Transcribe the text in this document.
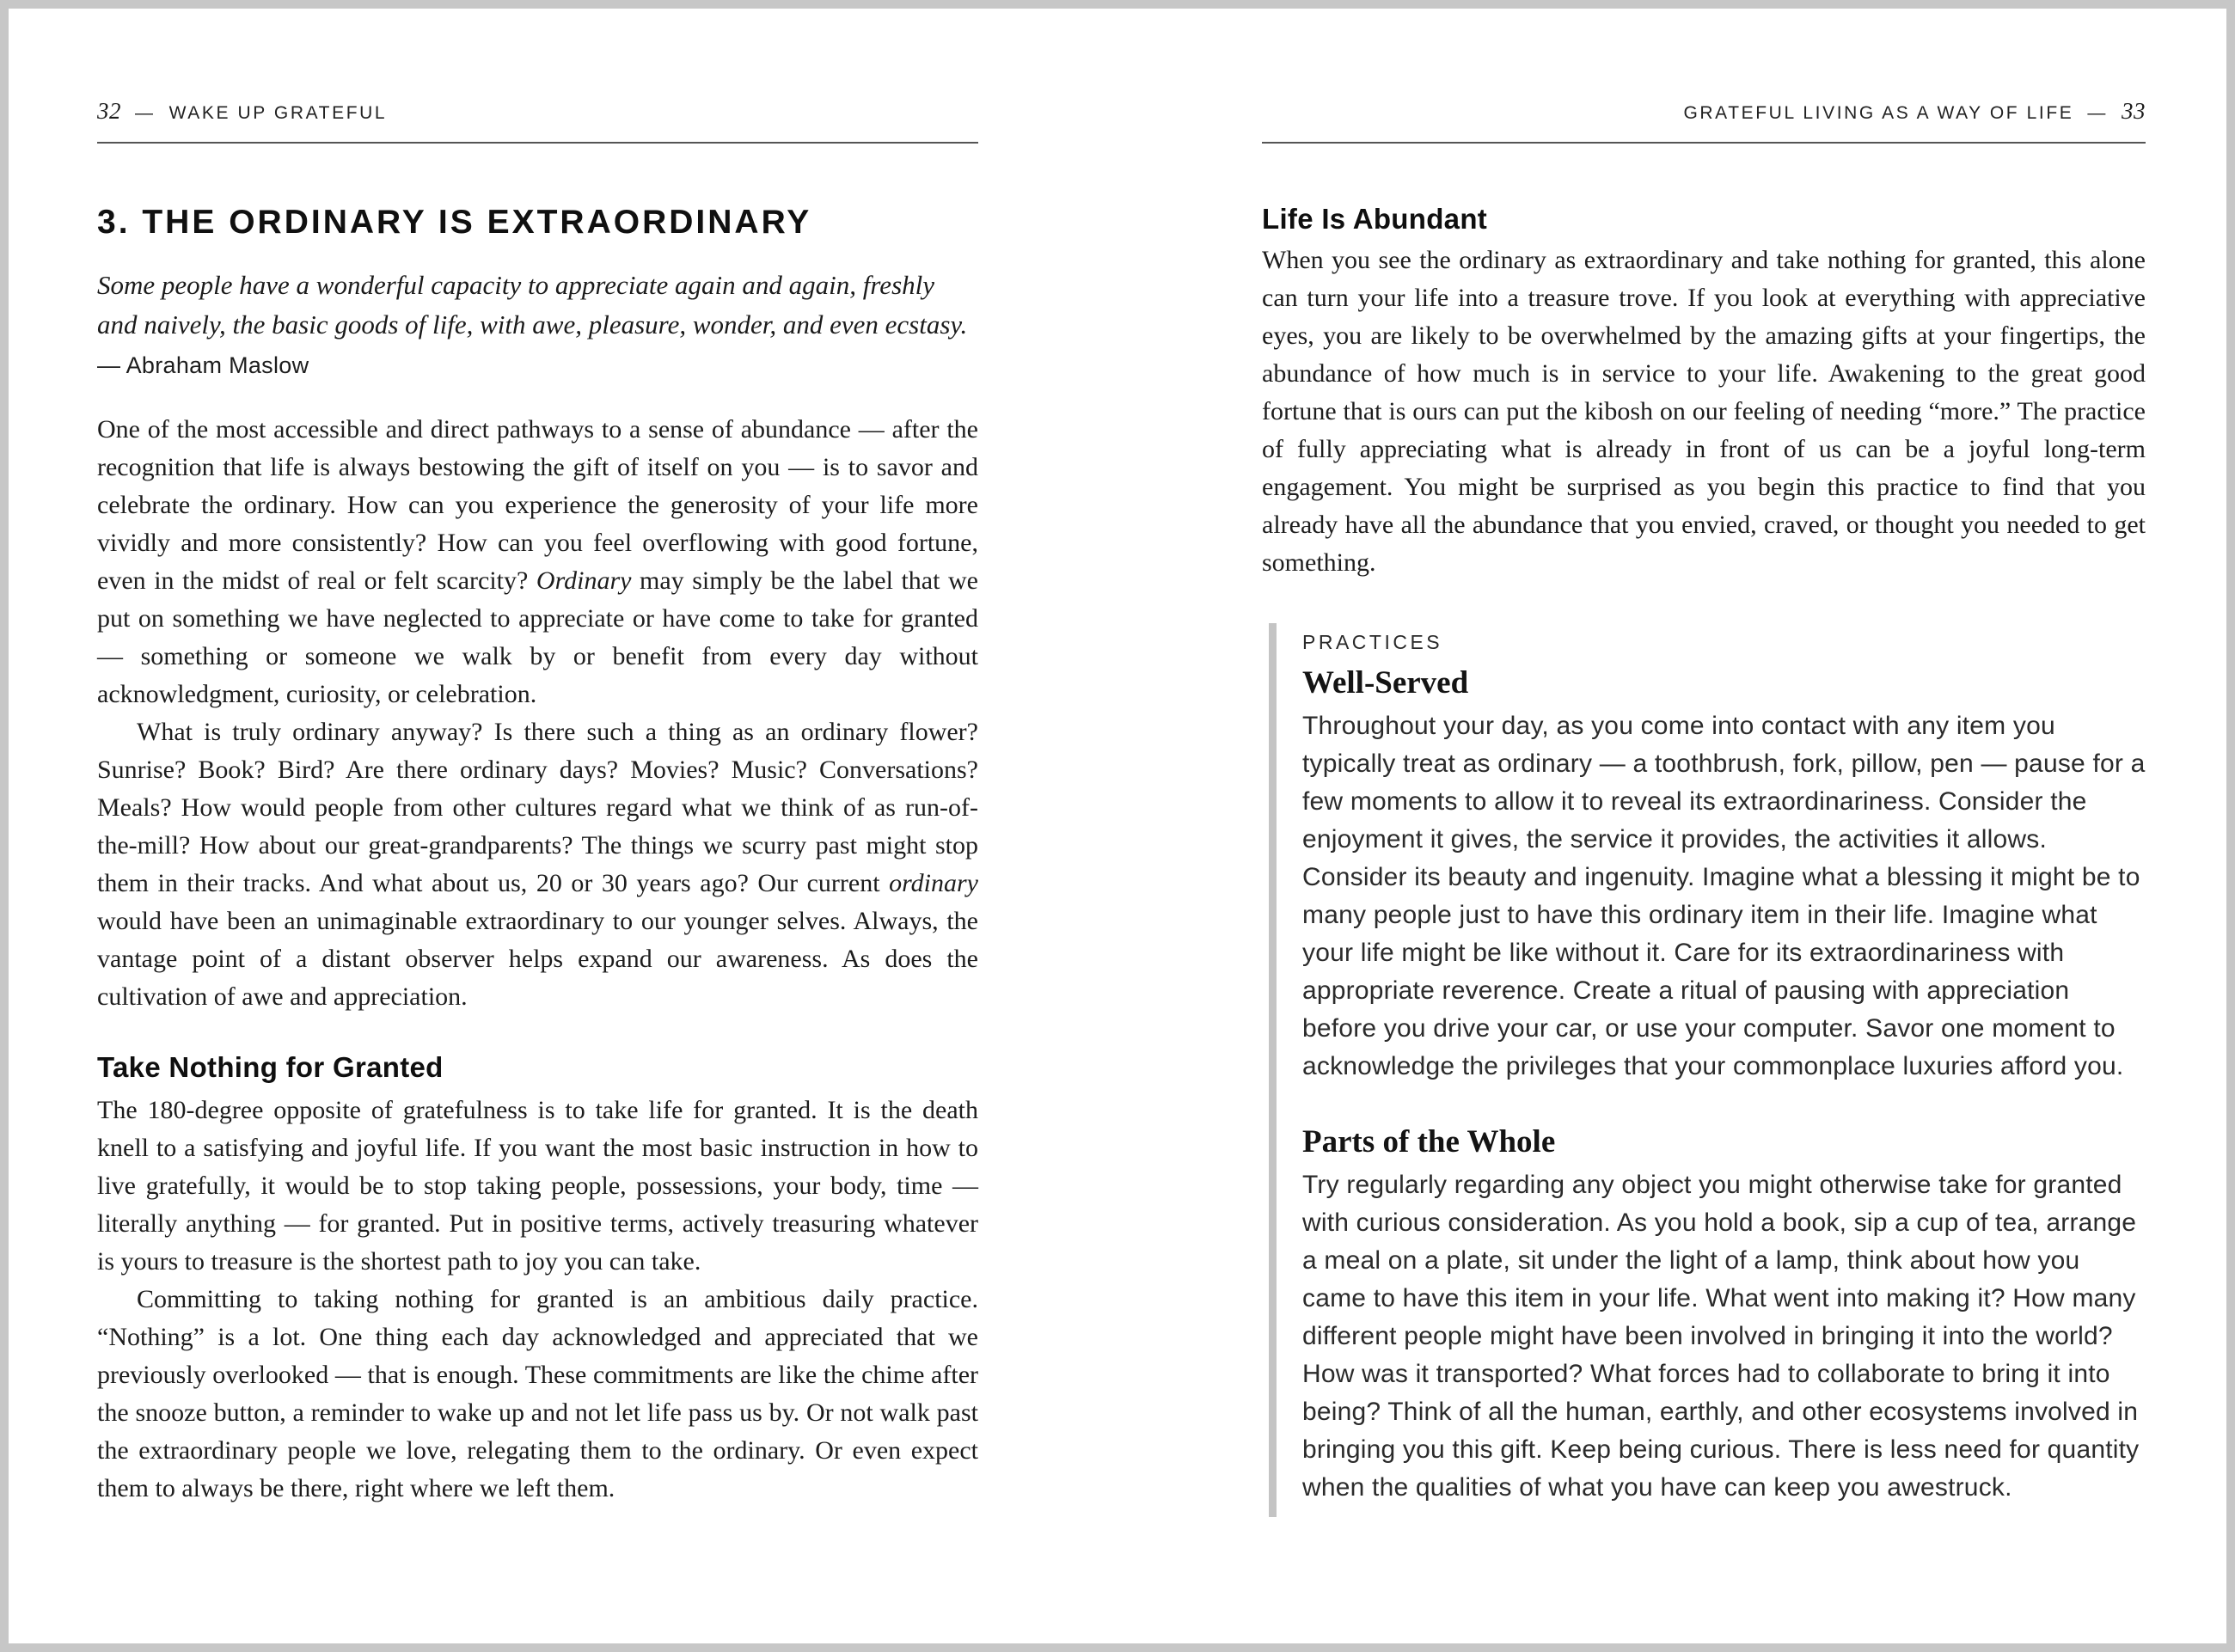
32 — WAKE UP GRATEFUL
3. THE ORDINARY IS EXTRAORDINARY

Some people have a wonderful capacity to appreciate again and again, freshly and naively, the basic goods of life, with awe, pleasure, wonder, and even ecstasy. — Abraham Maslow

One of the most accessible and direct pathways to a sense of abundance — after the recognition that life is always bestowing the gift of itself on you — is to savor and celebrate the ordinary. How can you experience the generosity of your life more vividly and more consistently? How can you feel overflowing with good fortune, even in the midst of real or felt scarcity? Ordinary may simply be the label that we put on something we have neglected to appreciate or have come to take for granted — something or someone we walk by or benefit from every day without acknowledgment, curiosity, or celebration.

What is truly ordinary anyway? Is there such a thing as an ordinary flower? Sunrise? Book? Bird? Are there ordinary days? Movies? Music? Conversations? Meals? How would people from other cultures regard what we think of as run-of-the-mill? How about our great-grandparents? The things we scurry past might stop them in their tracks. And what about us, 20 or 30 years ago? Our current ordinary would have been an unimaginable extraordinary to our younger selves. Always, the vantage point of a distant observer helps expand our awareness. As does the cultivation of awe and appreciation.

Take Nothing for Granted

The 180-degree opposite of gratefulness is to take life for granted. It is the death knell to a satisfying and joyful life. If you want the most basic instruction in how to live gratefully, it would be to stop taking people, possessions, your body, time — literally anything — for granted. Put in positive terms, actively treasuring whatever is yours to treasure is the shortest path to joy you can take.

Committing to taking nothing for granted is an ambitious daily practice. “Nothing” is a lot. One thing each day acknowledged and appreciated that we previously overlooked — that is enough. These commitments are like the chime after the snooze button, a reminder to wake up and not let life pass us by. Or not walk past the extraordinary people we love, relegating them to the ordinary. Or even expect them to always be there, right where we left them.

GRATEFUL LIVING AS A WAY OF LIFE — 33
Life Is Abundant

When you see the ordinary as extraordinary and take nothing for granted, this alone can turn your life into a treasure trove. If you look at everything with appreciative eyes, you are likely to be overwhelmed by the amazing gifts at your fingertips, the abundance of how much is in service to your life. Awakening to the great good fortune that is ours can put the kibosh on our feeling of needing “more.” The practice of fully appreciating what is already in front of us can be a joyful long-term engagement. You might be surprised as you begin this practice to find that you already have all the abundance that you envied, craved, or thought you needed to get something.

PRACTICES
Well-Served

Throughout your day, as you come into contact with any item you typically treat as ordinary — a toothbrush, fork, pillow, pen — pause for a few moments to allow it to reveal its extraordinariness. Consider the enjoyment it gives, the service it provides, the activities it allows. Consider its beauty and ingenuity. Imagine what a blessing it might be to many people just to have this ordinary item in their life. Imagine what your life might be like without it. Care for its extraordinariness with appropriate reverence. Create a ritual of pausing with appreciation before you drive your car, or use your computer. Savor one moment to acknowledge the privileges that your commonplace luxuries afford you.

Parts of the Whole

Try regularly regarding any object you might otherwise take for granted with curious consideration. As you hold a book, sip a cup of tea, arrange a meal on a plate, sit under the light of a lamp, think about how you came to have this item in your life. What went into making it? How many different people might have been involved in bringing it into the world? How was it transported? What forces had to collaborate to bring it into being? Think of all the human, earthly, and other ecosystems involved in bringing you this gift. Keep being curious. There is less need for quantity when the qualities of what you have can keep you awestruck.
